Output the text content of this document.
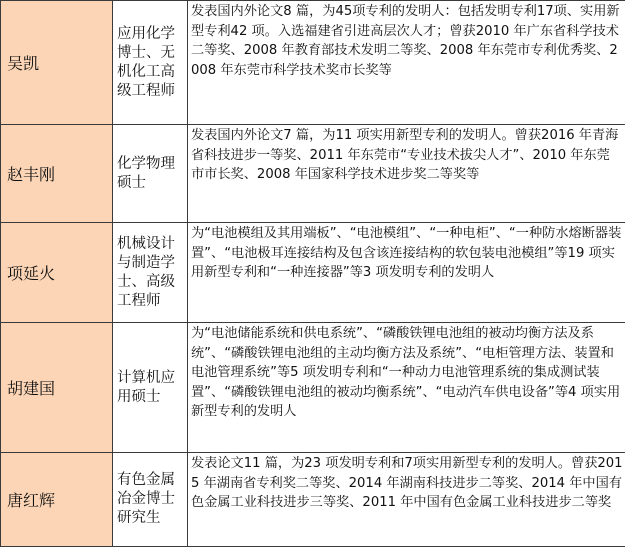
吴凯	应用化学博士、无机化工高级工程师	发表国内外论文8 篇，为45项专利的发明人：包括发明专利17项、实用新型专利42 项。入选福建省引进高层次人才；曾获2010 年广东省科学技术二等奖、2008 年教育部技术发明二等奖、2008 年东莞市专利优秀奖、2008 年东莞市科学技术奖市长奖等
赵丰刚	化学物理硕士	发表国内外论文7 篇，为11 项实用新型专利的发明人。曾获2016 年青海省科技进步一等奖、2011 年东莞市“专业技术拔尖人才”、2010 年东莞市市长奖、2008 年国家科学技术进步奖二等奖等
项延火	机械设计与制造学士、高级工程师	为“电池模组及其用端板”、“电池模组”、“一种电柜”、“一种防水熔断器装置”、“电池极耳连接结构及包含该连接结构的软包装电池模组”等19 项实用新型专利和“一种连接器”等3 项发明专利的发明人
胡建国	计算机应用硕士	为“电池储能系统和供电系统”、“磷酸铁锂电池组的被动均衡方法及系统”、“磷酸铁锂电池组的主动均衡方法及系统”、“电柜管理方法、装置和电池管理系统”等5 项发明专利和“一种动力电池管理系统的集成测试装置”、“磷酸铁锂电池组的被动均衡系统”、“电动汽车供电设备”等4 项实用新型专利的发明人
唐红辉	有色金属冶金博士研究生	发表论文11 篇，为23 项发明专利和7项实用新型专利的发明人。曾获2015 年湖南省专利奖二等奖、2014 年湖南科技进步二等奖、2014 年中国有色金属工业科技进步三等奖、2011 年中国有色金属工业科技进步二等奖
